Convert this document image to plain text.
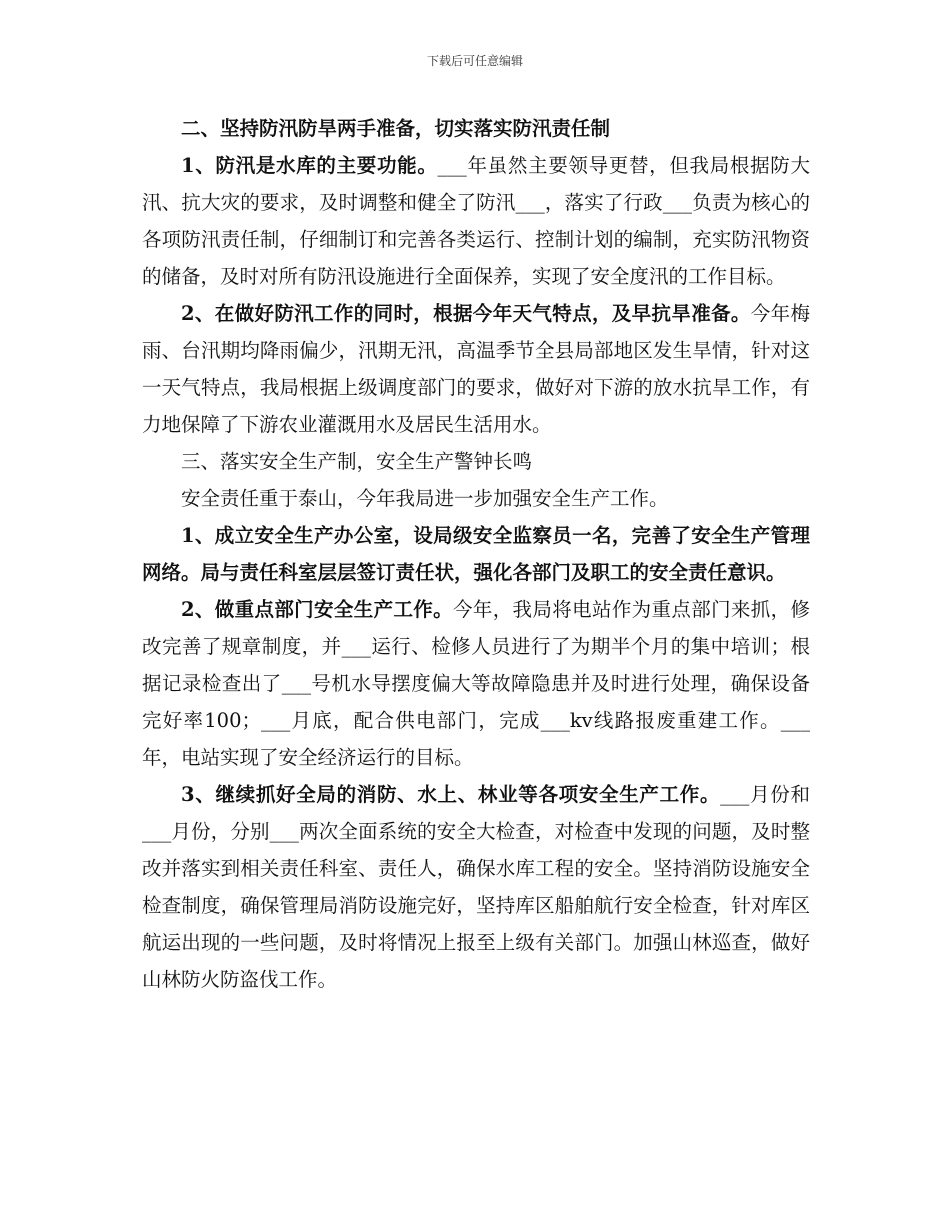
下载后可任意编辑

二、坚持防汛防旱两手准备，切实落实防汛责任制

1、防汛是水库的主要功能。___年虽然主要领导更替，但我局根据防大汛、抗大灾的要求，及时调整和健全了防汛___，落实了行政___负责为核心的各项防汛责任制，仔细制订和完善各类运行、控制计划的编制，充实防汛物资的储备，及时对所有防汛设施进行全面保养，实现了安全度汛的工作目标。

2、在做好防汛工作的同时，根据今年天气特点，及早抗旱准备。今年梅雨、台汛期均降雨偏少，汛期无汛，高温季节全县局部地区发生旱情，针对这一天气特点，我局根据上级调度部门的要求，做好对下游的放水抗旱工作，有力地保障了下游农业灌溉用水及居民生活用水。

三、落实安全生产制，安全生产警钟长鸣

安全责任重于泰山，今年我局进一步加强安全生产工作。

1、成立安全生产办公室，设局级安全监察员一名，完善了安全生产管理网络。局与责任科室层层签订责任状，强化各部门及职工的安全责任意识。

2、做重点部门安全生产工作。今年，我局将电站作为重点部门来抓，修改完善了规章制度，并___运行、检修人员进行了为期半个月的集中培训；根据记录检查出了___号机水导摆度偏大等故障隐患并及时进行处理，确保设备完好率100；___月底，配合供电部门，完成___kv线路报废重建工作。___年，电站实现了安全经济运行的目标。

3、继续抓好全局的消防、水上、林业等各项安全生产工作。___月份和___月份，分别___两次全面系统的安全大检查，对检查中发现的问题，及时整改并落实到相关责任科室、责任人，确保水库工程的安全。坚持消防设施安全检查制度，确保管理局消防设施完好，坚持库区船舶航行安全检查，针对库区航运出现的一些问题，及时将情况上报至上级有关部门。加强山林巡查，做好山林防火防盗伐工作。
